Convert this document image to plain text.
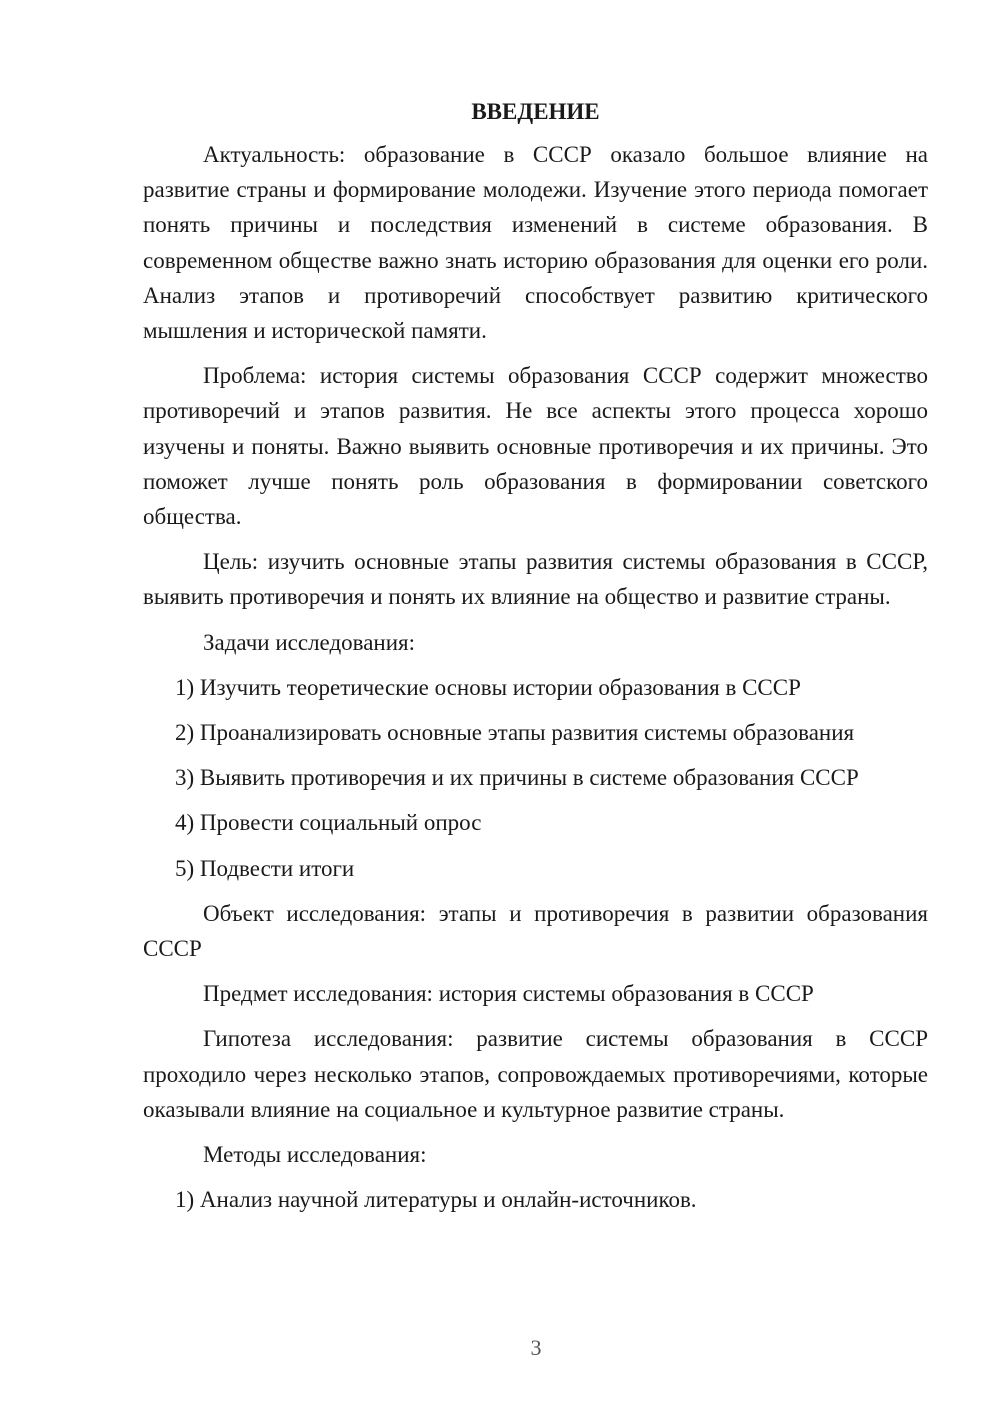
ВВЕДЕНИЕ

Актуальность: образование в СССР оказало большое влияние на развитие страны и формирование молодежи. Изучение этого периода помогает понять причины и последствия изменений в системе образования. В современном обществе важно знать историю образования для оценки его роли. Анализ этапов и противоречий способствует развитию критического мышления и исторической памяти.

Проблема: история системы образования СССР содержит множество противоречий и этапов развития. Не все аспекты этого процесса хорошо изучены и поняты. Важно выявить основные противоречия и их причины. Это поможет лучше понять роль образования в формировании советского общества.

Цель: изучить основные этапы развития системы образования в СССР, выявить противоречия и понять их влияние на общество и развитие страны.

Задачи исследования:

1) Изучить теоретические основы истории образования в СССР
2) Проанализировать основные этапы развития системы образования
3) Выявить противоречия и их причины в системе образования СССР
4) Провести социальный опрос
5) Подвести итоги

Объект исследования: этапы и противоречия в развитии образования СССР

Предмет исследования: история системы образования в СССР

Гипотеза исследования: развитие системы образования в СССР проходило через несколько этапов, сопровождаемых противоречиями, которые оказывали влияние на социальное и культурное развитие страны.

Методы исследования:

1) Анализ научной литературы и онлайн-источников.
3
